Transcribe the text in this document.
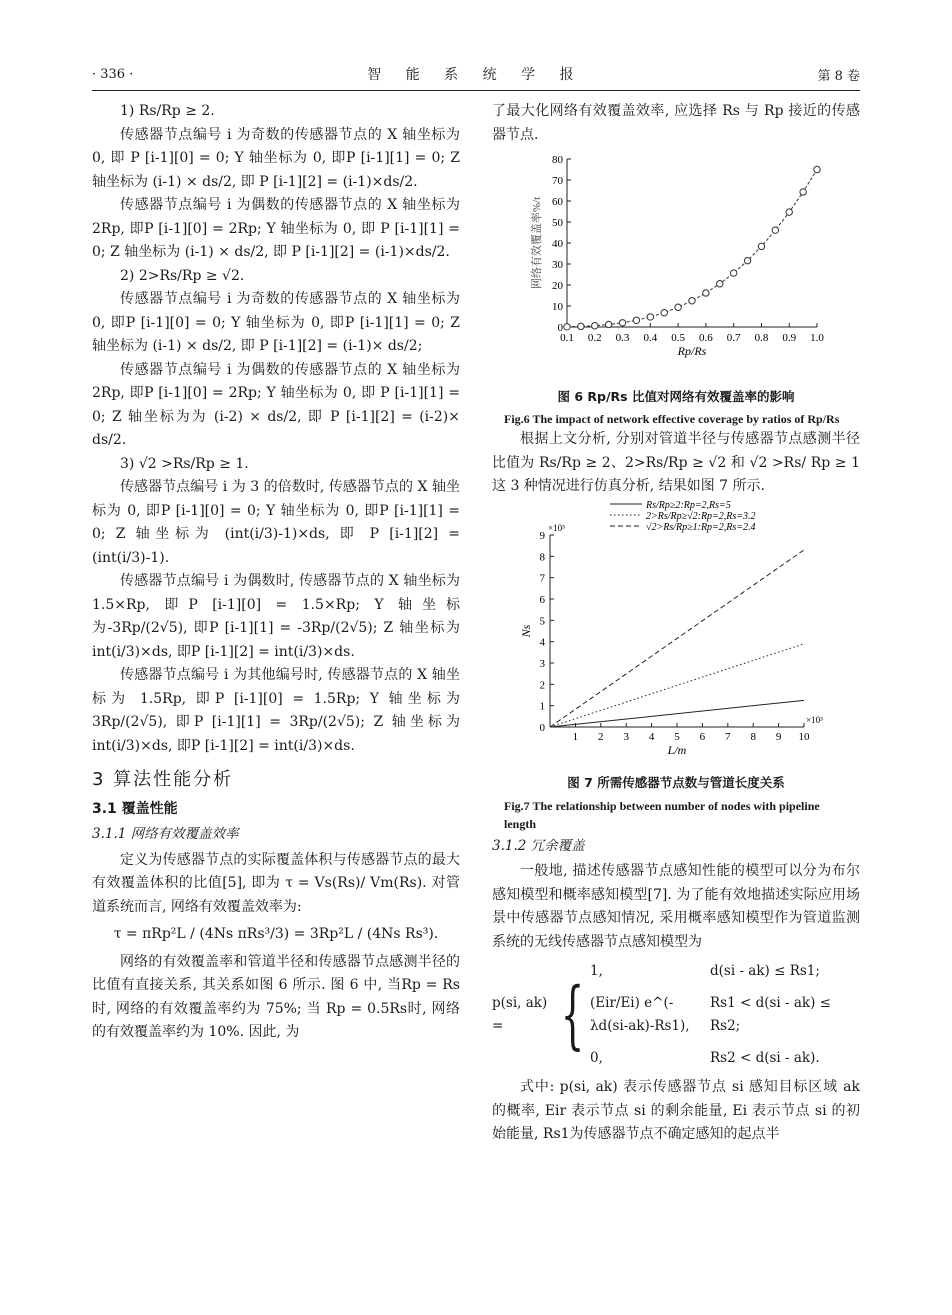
· 336 ·	智 能 系 统 学 报	第 8 卷

1) Rs/Rp ≥ 2.

传感器节点编号 i 为奇数的传感器节点的 X 轴坐标为 0, 即 P [i-1][0] = 0; Y 轴坐标为 0, 即P [i-1][1] = 0; Z 轴坐标为 (i-1) × ds/2, 即 P [i-1][2] = (i-1)×ds/2.

传感器节点编号 i 为偶数的传感器节点的 X 轴坐标为 2Rp, 即P [i-1][0] = 2Rp; Y 轴坐标为 0, 即 P [i-1][1] = 0; Z 轴坐标为 (i-1) × ds/2, 即 P [i-1][2] = (i-1)×ds/2.

2) 2>Rs/Rp ≥ √2.

传感器节点编号 i 为奇数的传感器节点的 X 轴坐标为 0, 即P [i-1][0] = 0; Y 轴坐标为 0, 即P [i-1][1] = 0; Z 轴坐标为 (i-1) × ds/2, 即 P [i-1][2] = (i-1)× ds/2;

传感器节点编号 i 为偶数的传感器节点的 X 轴坐标为 2Rp, 即P [i-1][0] = 2Rp; Y 轴坐标为 0, 即 P [i-1][1] = 0; Z 轴坐标为为 (i-2) × ds/2, 即 P [i-1][2] = (i-2)× ds/2.

3) √2 >Rs/Rp ≥ 1.

传感器节点编号 i 为 3 的倍数时, 传感器节点的 X 轴坐标为 0, 即P [i-1][0] = 0; Y 轴坐标为 0, 即P [i-1][1] = 0; Z 轴坐标为 (int(i/3)-1)×ds, 即 P [i-1][2] = (int(i/3)-1).

传感器节点编号 i 为偶数时, 传感器节点的 X 轴坐标为 1.5×Rp, 即P [i-1][0] = 1.5×Rp; Y 轴坐标为-3Rp/(2√5), 即P [i-1][1] = -3Rp/(2√5); Z 轴坐标为 int(i/3)×ds, 即P [i-1][2] = int(i/3)×ds.

传感器节点编号 i 为其他编号时, 传感器节点的 X 轴坐标为 1.5Rp, 即P [i-1][0] = 1.5Rp; Y 轴坐标为 3Rp/(2√5), 即P [i-1][1] = 3Rp/(2√5); Z 轴坐标为 int(i/3)×ds, 即P [i-1][2] = int(i/3)×ds.

3 算法性能分析
3.1 覆盖性能
3.1.1 网络有效覆盖效率

定义为传感器节点的实际覆盖体积与传感器节点的最大有效覆盖体积的比值[5], 即为 τ = Vs(Rs)/ Vm(Rs). 对管道系统而言, 网络有效覆盖效率为:

τ = πRp²L / (4Ns πRs³/3) = 3Rp²L / (4Ns Rs³).

网络的有效覆盖率和管道半径和传感器节点感测半径的比值有直接关系, 其关系如图 6 所示. 图 6 中, 当Rp = Rs时, 网络的有效覆盖率约为 75%; 当 Rp = 0.5Rs时, 网络的有效覆盖率约为 10%. 因此, 为

了最大化网络有效覆盖效率, 应选择 Rs 与 Rp 接近的传感器节点.

0
10
20
30
40
50
60
70
80
0.1 0.2 0.3 0.4 0.5 0.6 0.7 0.8 0.9 1.0
Rp/Rs
网络有效覆盖率%/t
图 6 Rp/Rs 比值对网络有效覆盖率的影响
Fig.6 The impact of network effective coverage by ratios of Rp/Rs

根据上文分析, 分别对管道半径与传感器节点感测半径比值为 Rs/Rp ≥ 2、2>Rs/Rp ≥ √2 和 √2 >Rs/ Rp ≥ 1 这 3 种情况进行仿真分析, 结果如图 7 所示.

0
1
2
3
4
5
6
7
8
9
×10³
1 2 3 4 5 6 7 8 9 10
×10³
L/m
Ns
Rs/Rp≥2:Rp=2,Rs=5
2>Rs/Rp≥√2:Rp=2,Rs=3.2
√2>Rs/Rp≥1:Rp=2,Rs=2.4
图 7 所需传感器节点数与管道长度关系
Fig.7 The relationship between number of nodes with pipeline length
3.1.2 冗余覆盖

一般地, 描述传感器节点感知性能的模型可以分为布尔感知模型和概率感知模型[7]. 为了能有效地描述实际应用场景中传感器节点感知情况, 采用概率感知模型作为管道监测系统的无线传感器节点感知模型为

p(si, ak) = {
1,	d(si - ak) ≤ Rs1;
(Eir/Ei) e^(-λd(si-ak)-Rs1),
Rs1 < d(si - ak) ≤ Rs2;
0,	Rs2 < d(si - ak).

式中: p(si, ak) 表示传感器节点 si 感知目标区域 ak 的概率, Eir 表示节点 si 的剩余能量, Ei 表示节点 si 的初始能量, Rs1为传感器节点不确定感知的起点半
